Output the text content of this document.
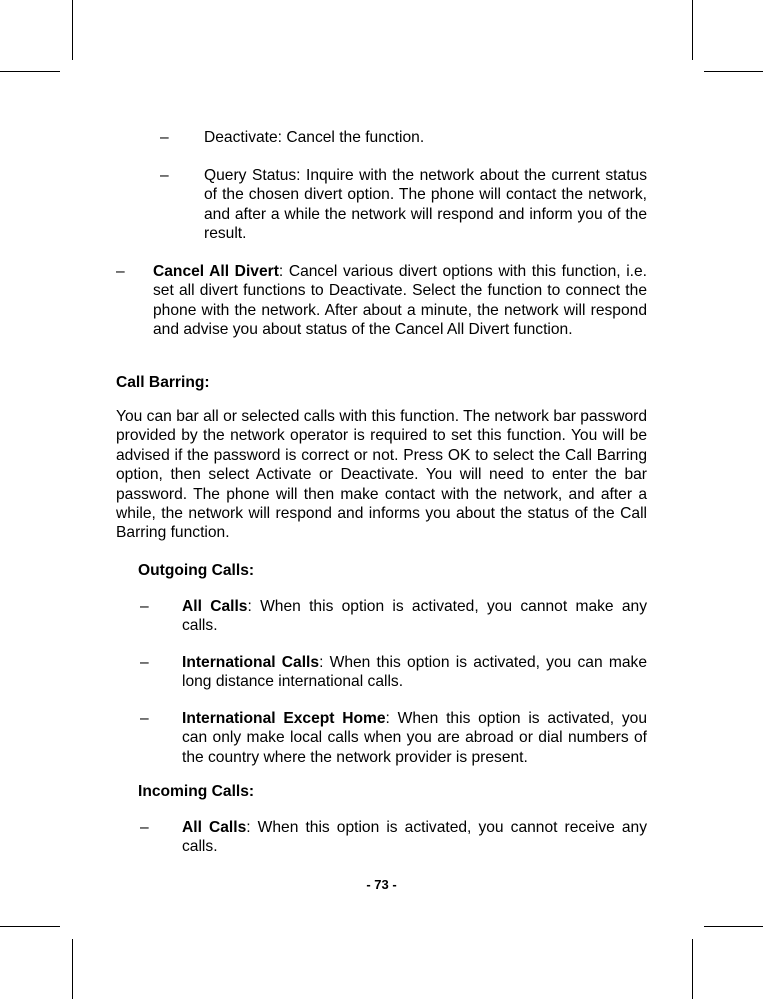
– Deactivate: Cancel the function.

– Query Status: Inquire with the network about the current status of the chosen divert option. The phone will contact the network, and after a while the network will respond and inform you of the result.

– Cancel All Divert: Cancel various divert options with this function, i.e. set all divert functions to Deactivate. Select the function to connect the phone with the network. After about a minute, the network will respond and advise you about status of the Cancel All Divert function.

Call Barring:

You can bar all or selected calls with this function. The network bar password provided by the network operator is required to set this function. You will be advised if the password is correct or not. Press OK to select the Call Barring option, then select Activate or Deactivate. You will need to enter the bar password. The phone will then make contact with the network, and after a while, the network will respond and informs you about the status of the Call Barring function.

Outgoing Calls:
– All Calls: When this option is activated, you cannot make any calls.

– International Calls: When this option is activated, you can make long distance international calls.

– International Except Home: When this option is activated, you can only make local calls when you are abroad or dial numbers of the country where the network provider is present.

Incoming Calls:
– All Calls: When this option is activated, you cannot receive any calls.

- 73 -
